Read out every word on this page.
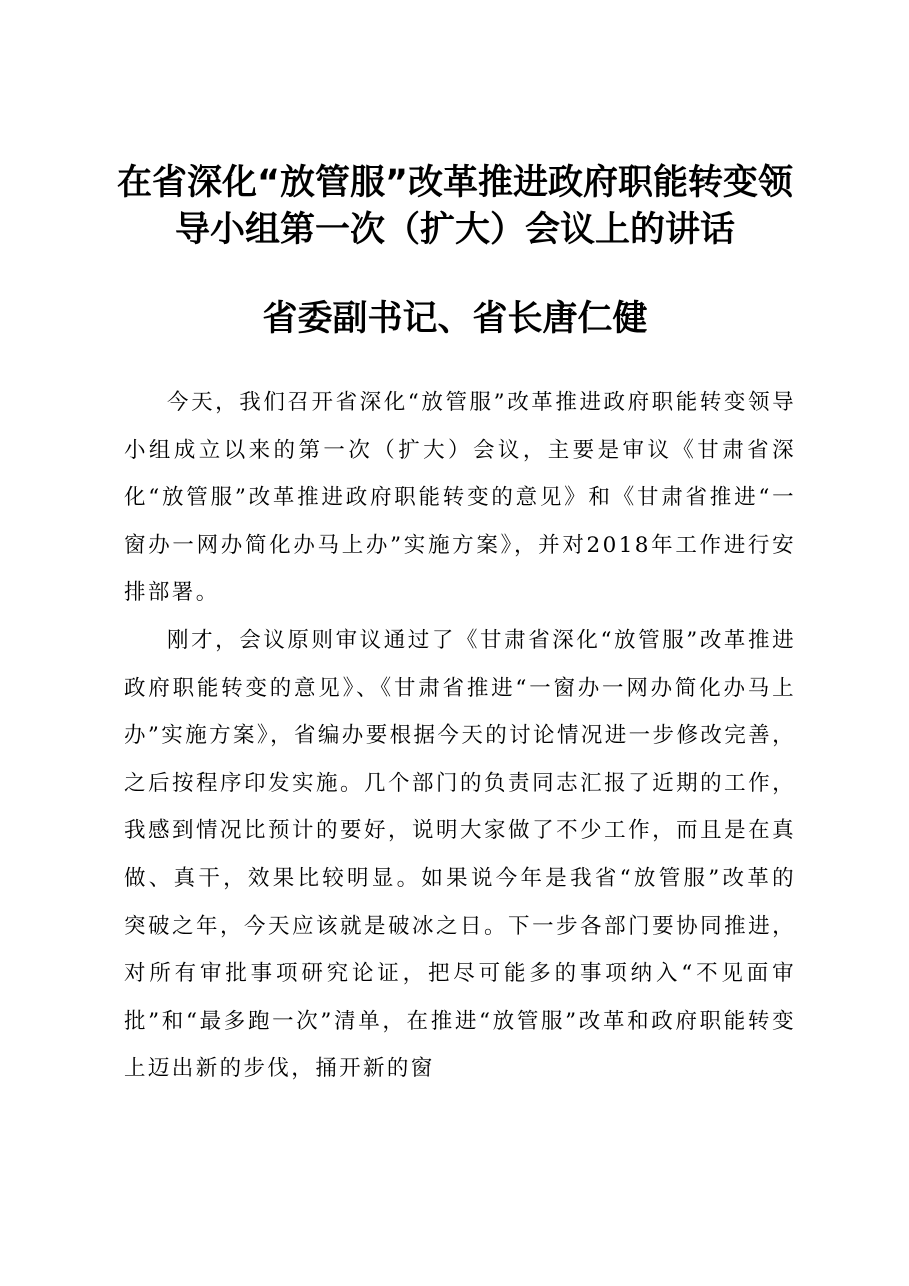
在省深化“放管服”改革推进政府职能转变领导小组第一次（扩大）会议上的讲话
省委副书记、省长唐仁健

今天，我们召开省深化“放管服”改革推进政府职能转变领导小组成立以来的第一次（扩大）会议，主要是审议《甘肃省深化“放管服”改革推进政府职能转变的意见》和《甘肃省推进“一窗办一网办简化办马上办”实施方案》，并对2018年工作进行安排部署。

刚才，会议原则审议通过了《甘肃省深化“放管服”改革推进政府职能转变的意见》、《甘肃省推进“一窗办一网办简化办马上办”实施方案》，省编办要根据今天的讨论情况进一步修改完善，之后按程序印发实施。几个部门的负责同志汇报了近期的工作，我感到情况比预计的要好，说明大家做了不少工作，而且是在真做、真干，效果比较明显。如果说今年是我省“放管服”改革的突破之年，今天应该就是破冰之日。下一步各部门要协同推进，对所有审批事项研究论证，把尽可能多的事项纳入“不见面审批”和“最多跑一次”清单，在推进“放管服”改革和政府职能转变上迈出新的步伐，捅开新的窗
